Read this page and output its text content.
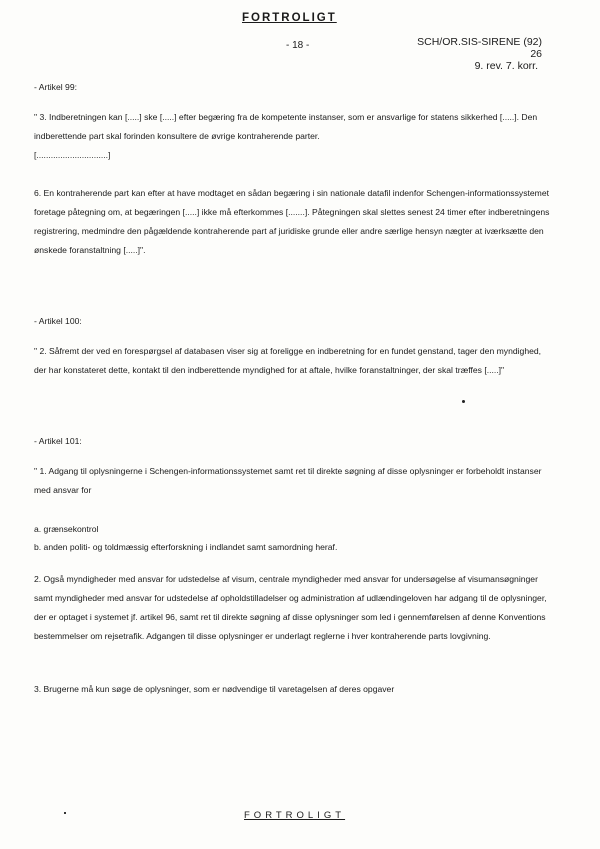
FORTROLIGT
- 18 -	SCH/OR.SIS-SIRENE (92) 26
9. rev. 7. korr.
- Artikel 99:
" 3. Indberetningen kan [.....] ske [.....] efter begæring fra de kompetente instanser, som er ansvarlige for statens sikkerhed [.....]. Den indberettende part skal forinden konsultere de øvrige kontraherende parter.
[..............................]
6. En kontraherende part kan efter at have modtaget en sådan begæring i sin nationale datafil indenfor Schengen-informationssystemet foretage påtegning om, at begæringen [.....] ikke må efterkommes [.......]. Påtegningen skal slettes senest 24 timer efter indberetningens registrering, medmindre den pågældende kontraherende part af juridiske grunde eller andre særlige hensyn nægter at iværksætte den ønskede foranstaltning [.....]".
- Artikel 100:
" 2. Såfremt der ved en forespørgsel af databasen viser sig at foreligge en indberetning for en fundet genstand, tager den myndighed, der har konstateret dette, kontakt til den indberettende myndighed for at aftale, hvilke foranstaltninger, der skal træffes [.....]"
- Artikel 101:
" 1. Adgang til oplysningerne i Schengen-informationssystemet samt ret til direkte søgning af disse oplysninger er forbeholdt instanser med ansvar for
a. grænsekontrol
b. anden politi- og toldmæssig efterforskning i indlandet samt samordning heraf.
2. Også myndigheder med ansvar for udstedelse af visum, centrale myndigheder med ansvar for undersøgelse af visumansøgninger samt myndigheder med ansvar for udstedelse af opholdstilladelser og administration af udlændingeloven har adgang til de oplysninger, der er optaget i systemet jf. artikel 96, samt ret til direkte søgning af disse oplysninger som led i gennemførelsen af denne Konventions bestemmelser om rejsetrafik. Adgangen til disse oplysninger er underlagt reglerne i hver kontraherende parts lovgivning.
3. Brugerne må kun søge de oplysninger, som er nødvendige til varetagelsen af deres opgaver
FORTROLIGT
